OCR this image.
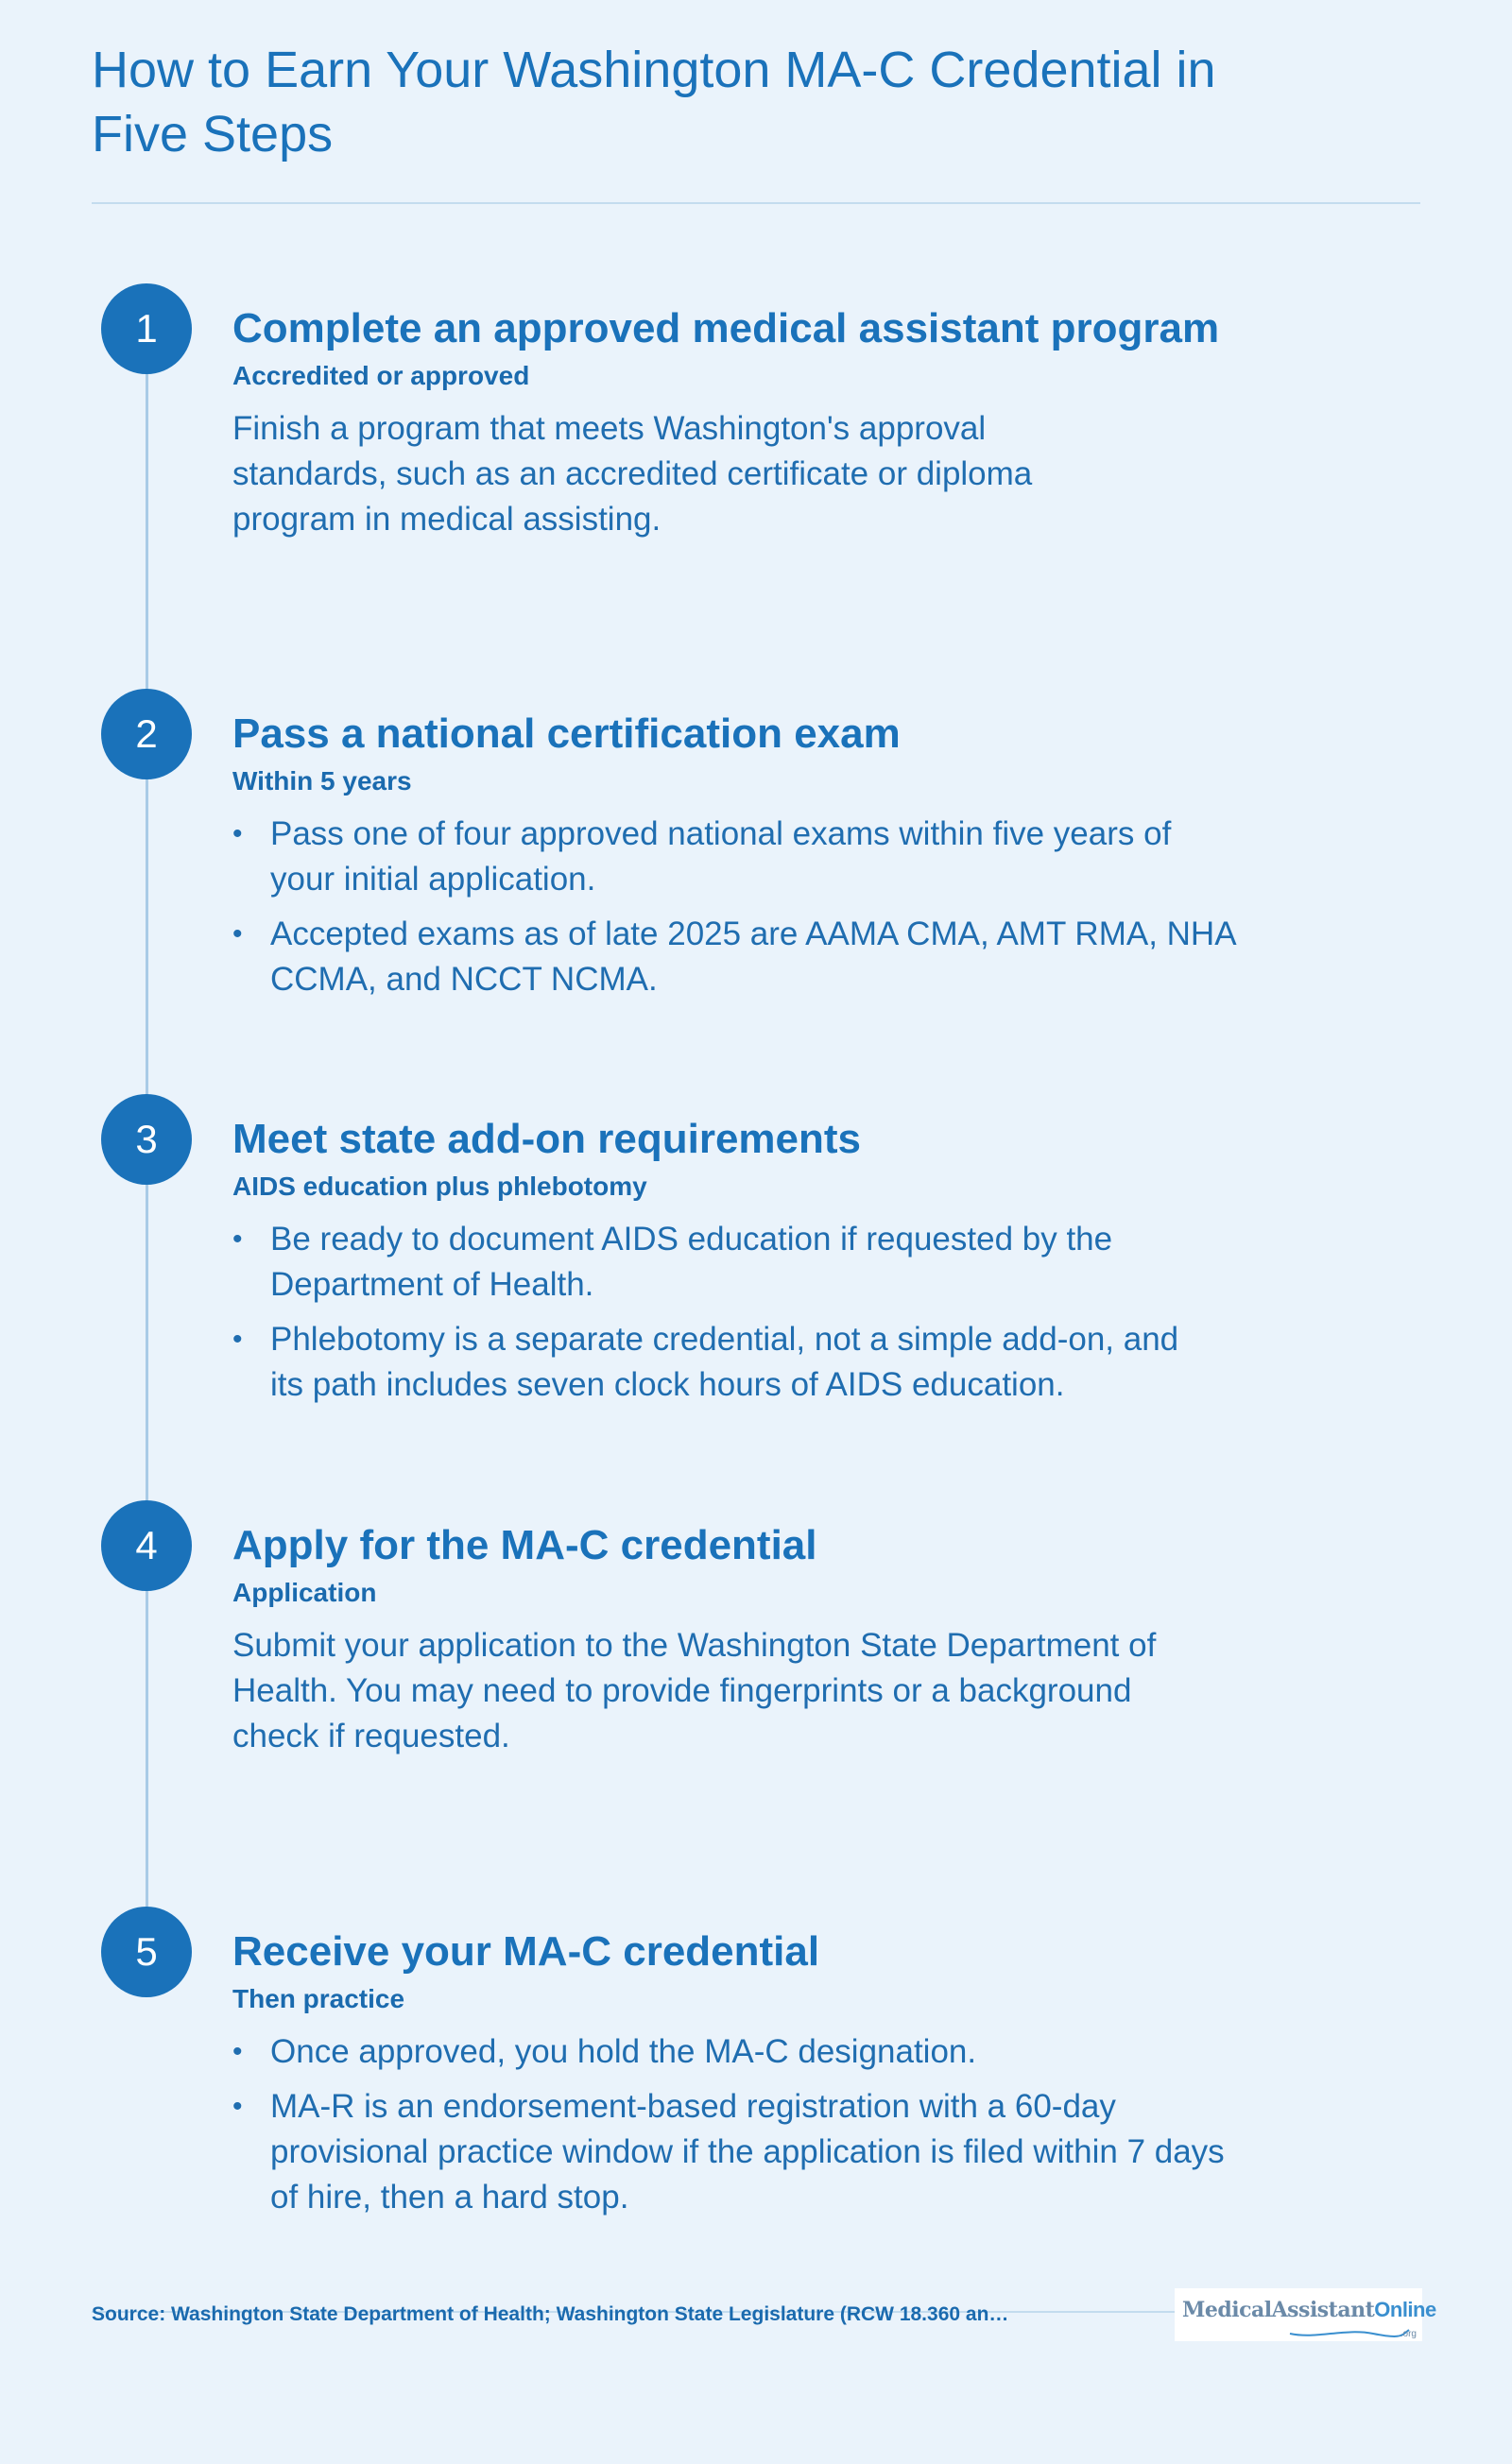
How to Earn Your Washington MA-C Credential in Five Steps
1	Complete an approved medical assistant program
Accredited or approved

Finish a program that meets Washington's approval standards, such as an accredited certificate or diploma program in medical assisting.

2	Pass a national certification exam
Within 5 years
• Pass one of four approved national exams within five years of your initial application.
• Accepted exams as of late 2025 are AAMA CMA, AMT RMA, NHA CCMA, and NCCT NCMA.
3	Meet state add-on requirements
AIDS education plus phlebotomy
• Be ready to document AIDS education if requested by the Department of Health.
• Phlebotomy is a separate credential, not a simple add-on, and its path includes seven clock hours of AIDS education.
4	Apply for the MA-C credential
Application

Submit your application to the Washington State Department of Health. You may need to provide fingerprints or a background check if requested.

5	Receive your MA-C credential
Then practice
• Once approved, you hold the MA-C designation.
• MA-R is an endorsement-based registration with a 60-day provisional practice window if the application is filed within 7 days of hire, then a hard stop.
Source: Washington State Department of Health; Washington State Legislature (RCW 18.360 an…	MedicalAssistantOnline
.org
